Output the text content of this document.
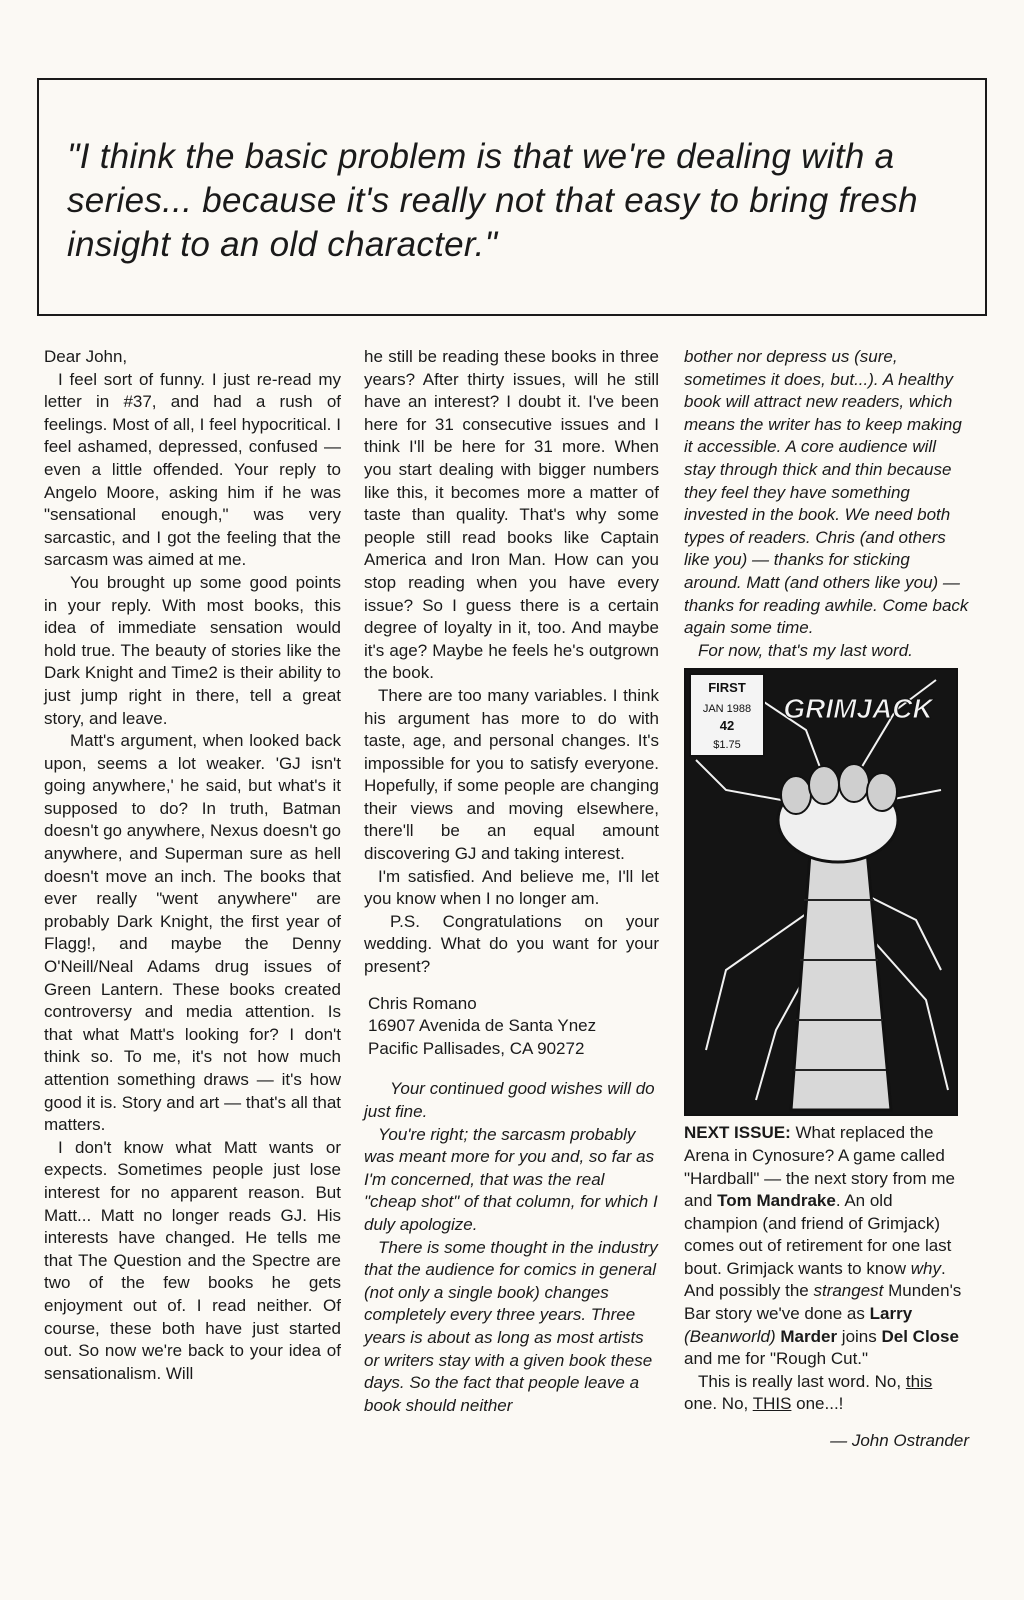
"I think the basic problem is that we're dealing with a series... because it's really not that easy to bring fresh insight to an old character."

Dear John,

I feel sort of funny. I just re-read my letter in #37, and had a rush of feelings. Most of all, I feel hypocritical. I feel ashamed, depressed, confused — even a little offended. Your reply to Angelo Moore, asking him if he was "sensational enough," was very sarcastic, and I got the feeling that the sarcasm was aimed at me.

You brought up some good points in your reply. With most books, this idea of immediate sensation would hold true. The beauty of stories like the Dark Knight and Time2 is their ability to just jump right in there, tell a great story, and leave.

Matt's argument, when looked back upon, seems a lot weaker. 'GJ isn't going anywhere,' he said, but what's it supposed to do? In truth, Batman doesn't go anywhere, Nexus doesn't go anywhere, and Superman sure as hell doesn't move an inch. The books that ever really "went anywhere" are probably Dark Knight, the first year of Flagg!, and maybe the Denny O'Neill/Neal Adams drug issues of Green Lantern. These books created controversy and media attention. Is that what Matt's looking for? I don't think so. To me, it's not how much attention something draws — it's how good it is. Story and art — that's all that matters.

I don't know what Matt wants or expects. Sometimes people just lose interest for no apparent reason. But Matt... Matt no longer reads GJ. His interests have changed. He tells me that The Question and the Spectre are two of the few books he gets enjoyment out of. I read neither. Of course, these both have just started out. So now we're back to your idea of sensationalism. Will

he still be reading these books in three years? After thirty issues, will he still have an interest? I doubt it. I've been here for 31 consecutive issues and I think I'll be here for 31 more. When you start dealing with bigger numbers like this, it becomes more a matter of taste than quality. That's why some people still read books like Captain America and Iron Man. How can you stop reading when you have every issue? So I guess there is a certain degree of loyalty in it, too. And maybe it's age? Maybe he feels he's outgrown the book.

There are too many variables. I think his argument has more to do with taste, age, and personal changes. It's impossible for you to satisfy everyone. Hopefully, if some people are changing their views and moving elsewhere, there'll be an equal amount discovering GJ and taking interest.

I'm satisfied. And believe me, I'll let you know when I no longer am.

P.S. Congratulations on your wedding. What do you want for your present?

Chris Romano

16907 Avenida de Santa Ynez

Pacific Pallisades, CA 90272

Your continued good wishes will do just fine.

You're right; the sarcasm probably was meant more for you and, so far as I'm concerned, that was the real "cheap shot" of that column, for which I duly apologize.

There is some thought in the industry that the audience for comics in general (not only a single book) changes completely every three years. Three years is about as long as most artists or writers stay with a given book these days. So the fact that people leave a book should neither

bother nor depress us (sure, sometimes it does, but...). A healthy book will attract new readers, which means the writer has to keep making it accessible. A core audience will stay through thick and thin because they feel they have something invested in the book. We need both types of readers. Chris (and others like you) — thanks for sticking around. Matt (and others like you) — thanks for reading awhile. Come back again some time.

For now, that's my last word.

FIRST
JAN 1988
42
$1.75
GRIMJACK

NEXT ISSUE: What replaced the Arena in Cynosure? A game called "Hardball" — the next story from me and Tom Mandrake. An old champion (and friend of Grimjack) comes out of retirement for one last bout. Grimjack wants to know why. And possibly the strangest Munden's Bar story we've done as Larry (Beanworld) Marder joins Del Close and me for "Rough Cut."

This is really last word. No, this one. No, THIS one...!

— John Ostrander
